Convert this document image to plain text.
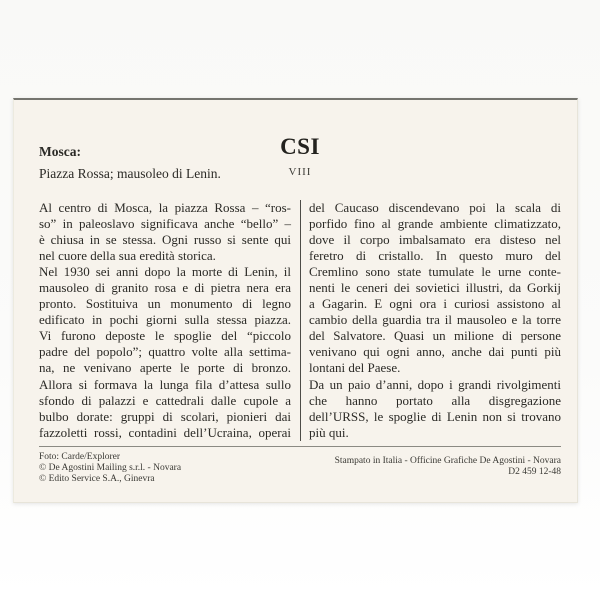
CSI
VIII
Mosca:
Piazza Rossa; mausoleo di Lenin.
Al centro di Mosca, la piazza Rossa – “ros-
so” in paleoslavo significava anche “bello” –
è chiusa in se stessa. Ogni russo si sente qui
nel cuore della sua eredità storica.
Nel 1930 sei anni dopo la morte di Lenin, il
mausoleo di granito rosa e di pietra nera era
pronto. Sostituiva un monumento di legno
edificato in pochi giorni sulla stessa piazza.
Vi furono deposte le spoglie del “piccolo
padre del popolo”; quattro volte alla settima-
na, ne venivano aperte le porte di bronzo.
Allora si formava la lunga fila d’attesa sullo
sfondo di palazzi e cattedrali dalle cupole a
bulbo dorate: gruppi di scolari, pionieri dai
fazzoletti rossi, contadini dell’Ucraina, operai
del Caucaso discendevano poi la scala di
porfido fino al grande ambiente climatizzato,
dove il corpo imbalsamato era disteso nel
feretro di cristallo. In questo muro del
Cremlino sono state tumulate le urne conte-
nenti le ceneri dei sovietici illustri, da Gorkij
a Gagarin. E ogni ora i curiosi assistono al
cambio della guardia tra il mausoleo e la torre
del Salvatore. Quasi un milione di persone
venivano qui ogni anno, anche dai punti più
lontani del Paese.
Da un paio d’anni, dopo i grandi rivolgimenti
che hanno portato alla disgregazione
dell’URSS, le spoglie di Lenin non si trovano
più qui.
Foto: Carde/Explorer
© De Agostini Mailing s.r.l. - Novara
© Edito Service S.A., Ginevra
Stampato in Italia - Officine Grafiche De Agostini - Novara
D2 459 12-48
